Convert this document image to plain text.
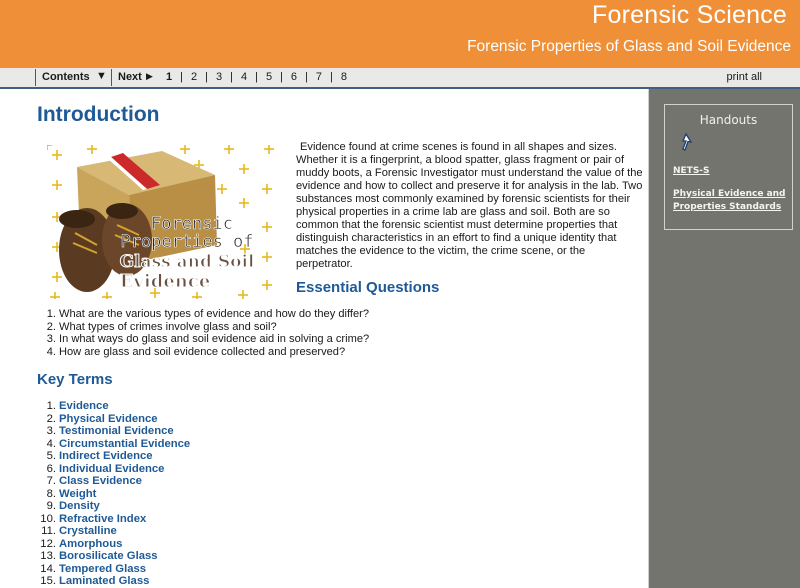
Forensic Science
Forensic Properties of Glass and Soil Evidence
Contents ▼ Next ▶ 1 | 2 | 3 | 4 | 5 | 6 | 7 | 8	print all
Introduction
Forensic
Properties of
Glass and Soil
Evidence

Evidence found at crime scenes is found in all shapes and sizes. Whether it is a fingerprint, a blood spatter, glass fragment or pair of muddy boots, a Forensic Investigator must understand the value of the evidence and how to collect and preserve it for analysis in the lab. Two substances most commonly examined by forensic scientists for their physical properties in a crime lab are glass and soil. Both are so common that the forensic scientist must determine properties that distinguish characteristics in an effort to find a unique identity that matches the evidence to the victim, the crime scene, or the perpetrator.

Essential Questions
1. What are the various types of evidence and how do they differ?
2. What types of crimes involve glass and soil?
3. In what ways do glass and soil evidence aid in solving a crime?
4. How are glass and soil evidence collected and preserved?
Key Terms
1. Evidence
2. Physical Evidence
3. Testimonial Evidence
4. Circumstantial Evidence
5. Indirect Evidence
6. Individual Evidence
7. Class Evidence
8. Weight
9. Density
10. Refractive Index
11. Crystalline
12. Amorphous
13. Borosilicate Glass
14. Tempered Glass
15. Laminated Glass
Handouts
NETS-S
Physical Evidence and Properties Standards
